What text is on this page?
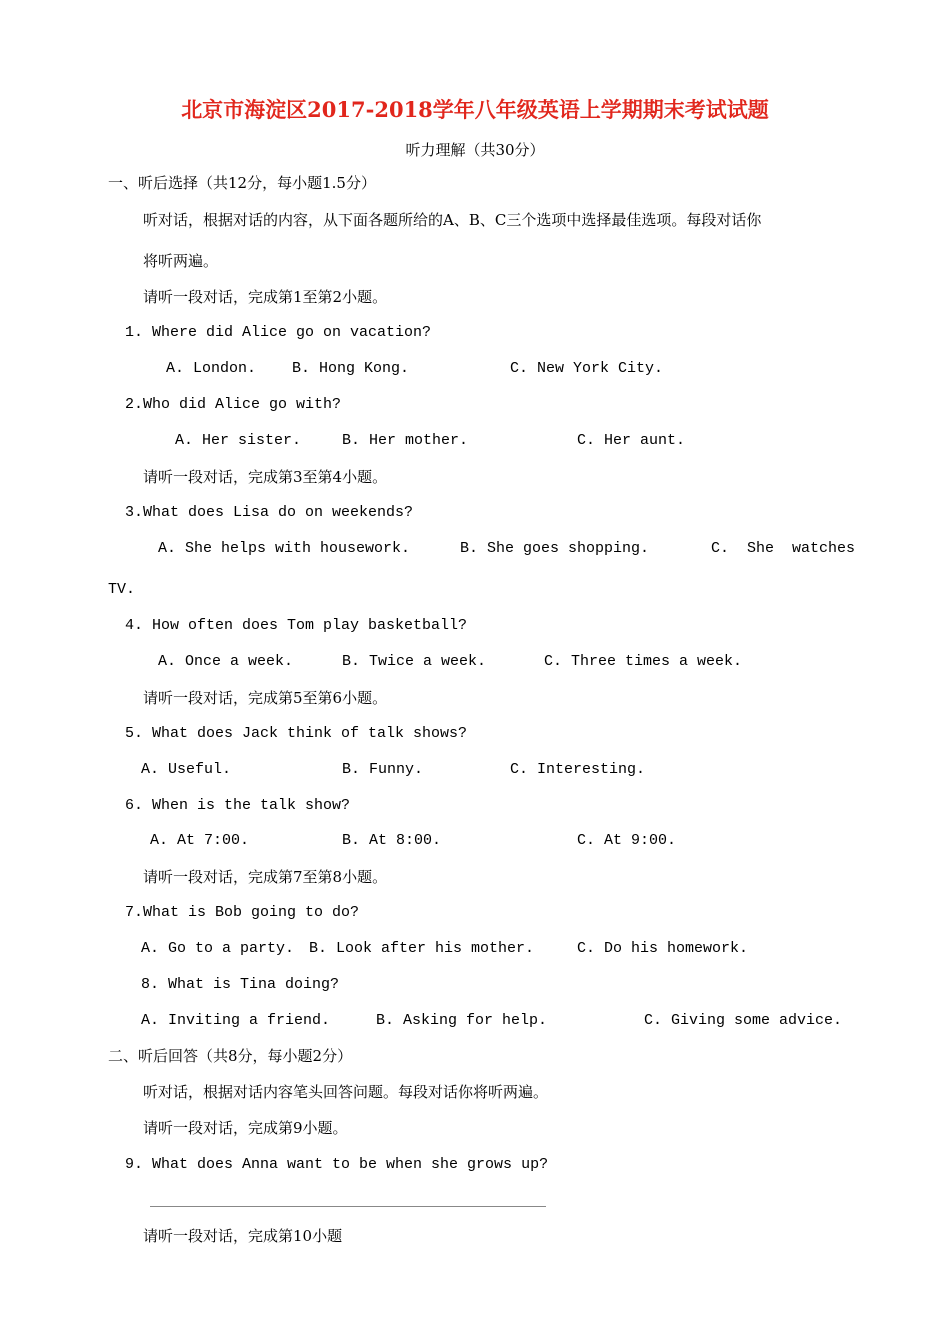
北京市海淀区2017-2018学年八年级英语上学期期末考试试题
听力理解（共30分）
一、听后选择（共12分，每小题1.5分）
听对话，根据对话的内容，从下面各题所给的A、B、C三个选项中选择最佳选项。每段对话你
将听两遍。
请听一段对话，完成第1至第2小题。
1. Where did Alice go on vacation?
A. London. B. Hong Kong.	C. New York City.
2.Who did Alice go with?
A. Her sister.	B. Her mother.	C. Her aunt.
请听一段对话，完成第3至第4小题。
3.What does Lisa do on weekends?
A. She helps with housework.	B. She goes shopping.	C.  She  watches
TV.
4. How often does Tom play basketball?
A. Once a week.	B. Twice a week.	C. Three times a week.
请听一段对话，完成第5至第6小题。
5. What does Jack think of talk shows?
A. Useful.	B. Funny.	C. Interesting.
6. When is the talk show?
A. At 7:00.	B. At 8:00.	C. At 9:00.
请听一段对话，完成第7至第8小题。
7.What is Bob going to do?
A. Go to a party. B. Look after his mother.	C. Do his homework.
8. What is Tina doing?
A. Inviting a friend.	B. Asking for help.	C. Giving some advice.
二、听后回答（共8分，每小题2分）
听对话，根据对话内容笔头回答问题。每段对话你将听两遍。
请听一段对话，完成第9小题。
9. What does Anna want to be when she grows up?
请听一段对话，完成第10小题
